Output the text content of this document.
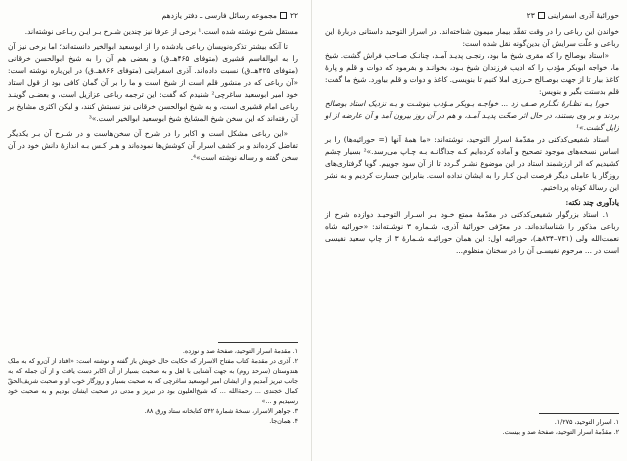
۲۲مجموعه رسائل فارسی ـ دفتر یازدهم

مستقل شرح نوشته شده است.¹ برخی از عرفا نیز چندین شـرح بـر ایـن ربـاعی نوشته‌اند.

تا آنکه بیشتر تذکره‌نویسان رباعی یادشده را از ابوسعید ابوالخیر دانسته‌اند؛ اما برخی نیز آن را به ابوالقاسم قشیری (متوفای ۴۶۵هـ.ق) و بعضی هم آن را به شیخ ابوالحسن خرقانی (متوفای ۴۲۵هـ.ق) نسبت داده‌اند. آذری اسفراینی (متوفای ۸۶۶هـ.ق) در این‌باره نوشته است: «آن رباعی که در منشور قلم است از شیخ است و ما را بر آن گمان کافی بود از قول استاد خود امیر ابوسعید ساغرچی² شنیدم که گفت: این ترجمه رباعی عزازیل است، و بعضـی گوینـد رباعی امام قشیری است، و به شیخ ابوالحسن خرقانی نیز نسبتش کنند، و لیکن اکثری مشایخ بر آن رفته‌اند که این سخن شیخ المشایخ شیخ ابوسعید ابوالخیر است.»³

«این رباعی مشکل است و اکابر را در شرح آن سخن‌هاست و در شـرح آن بـر یکدیگر تفاضل کرده‌اند و بر کشف اسرار آن کوشش‌ها نموده‌اند و هـر کـس بـه اندازهٔ دانش خود در آن سخن گفته و رساله نوشته است»⁴.

۱. مقدمهٔ اسرار التوحید، صفحهٔ صد و نوزده.

۲. آذری در مقدمهٔ کتاب مفتاح الاسرار که حکایت حال خویش باز گفته و نوشته است: «افتاد از آن‌رو که به ملک هندوستان (سرحد روم) به جهت آشنایی با اهل و به صحبت بسیار از آن اکابر دست یافت و از آن جمله که به جانب تبریز آمدیم و از ایشان امیر ابوسعید ساغرچی که به صحبت بسیار و روزگار خوب او و صحبت شریف‌الحقّ کمال خجندی ... رحمةالله ... که شیخ‌العلیون بود در تبریز و مدتی در صحبت ایشان بودیم و به صحبت خود رسیدیم و ...»

۳. جواهر الاسرار، نسخهٔ شمارهٔ ۵۴۲ کتابخانه ستاد ورق ۸۸.

۴. همان‌جا.

حورائیهٔ آذری اسفراینی۲۳

خواندن این رباعی را در وقت تفقّد بیمار میمون شناخته‌اند. در اسرار التوحید داستانی دربارهٔ این رباعی و علّت سرایش آن بدین‌گونه نقل شده است:

«استاد بوصالح را که مقری شیخ ما بود، رنجـی پدیـد آمـد، چنانـک صـاحب فراش گشت. شیخ ما، خواجه ابوبکر مؤدب را که ادیب فرزندان شیخ بـود، بخوانـد و بفرمود که دوات و قلم و پارهٔ کاغذ بیار تا از جهت بوصـالح حـرزی املا کنیم تا بنویسی. کاغذ و دوات و قلم بیاورد. شیخ ما گفت: قلم بدستت بگیر و بنویس:

حورا بـه نظـارهٔ نگـارم صـف زد ... خواجـه بـوبکر مـؤدب بنوشـت و بـه نزدیک استاد بوصالح بردند و بر وی بستند، در حال اثر صحّت پدیـد آمـد، و هم در آن روز بیرون آمد و آن عارضه از او زایل گشت.»¹

استاد شفیعی‌کدکنی در مقدّمهٔ اسرار التوحید، نوشته‌اند: «ما همهٔ آنها (= حورائیه‌ها) را بر اساس نسخه‌های موجود تصحیح و آماده کرده‌ایم کـه جداگانـه بـه چـاپ می‌رسد.»² بسیار چشم کشیدیم که اثر ارزشمند استاد در این موضوع نشـر گـردد تا از آن سود جوییم. گویا گرفتاری‌های روزگار یا عاملی دیگر فرصت ایـن کـار را به ایشان نداده است. بنابراین جسارت کردیم و به نشر این رسالهٔ کوتاه پرداختیم.

یادآوری چند نکته:

۱. استاد بزرگوار شفیعی‌کدکنی در مقدّمهٔ ممتع خـود بـر اسـرار التوحیـد دوازده شرح از رباعی مذکور را شناسانده‌اند. در معرّفی حورائیهٔ آذری، شـماره ۳ نوشـته‌اند: «حورائیه شاه نعمت‌الله ولی (۷۳۱–۸۳۴هـ)، حورائیه اول: این همان حورائیـه شـمارهٔ ۳ از چاپ سعید نفیسی است در ... مرحوم نفیسـی آن را در سخنان منظوم...

۱. اسرار التوحید، ۱/۲۷۵.

۲. مقدّمهٔ اسرار التوحید، صفحهٔ صد و بیست.
